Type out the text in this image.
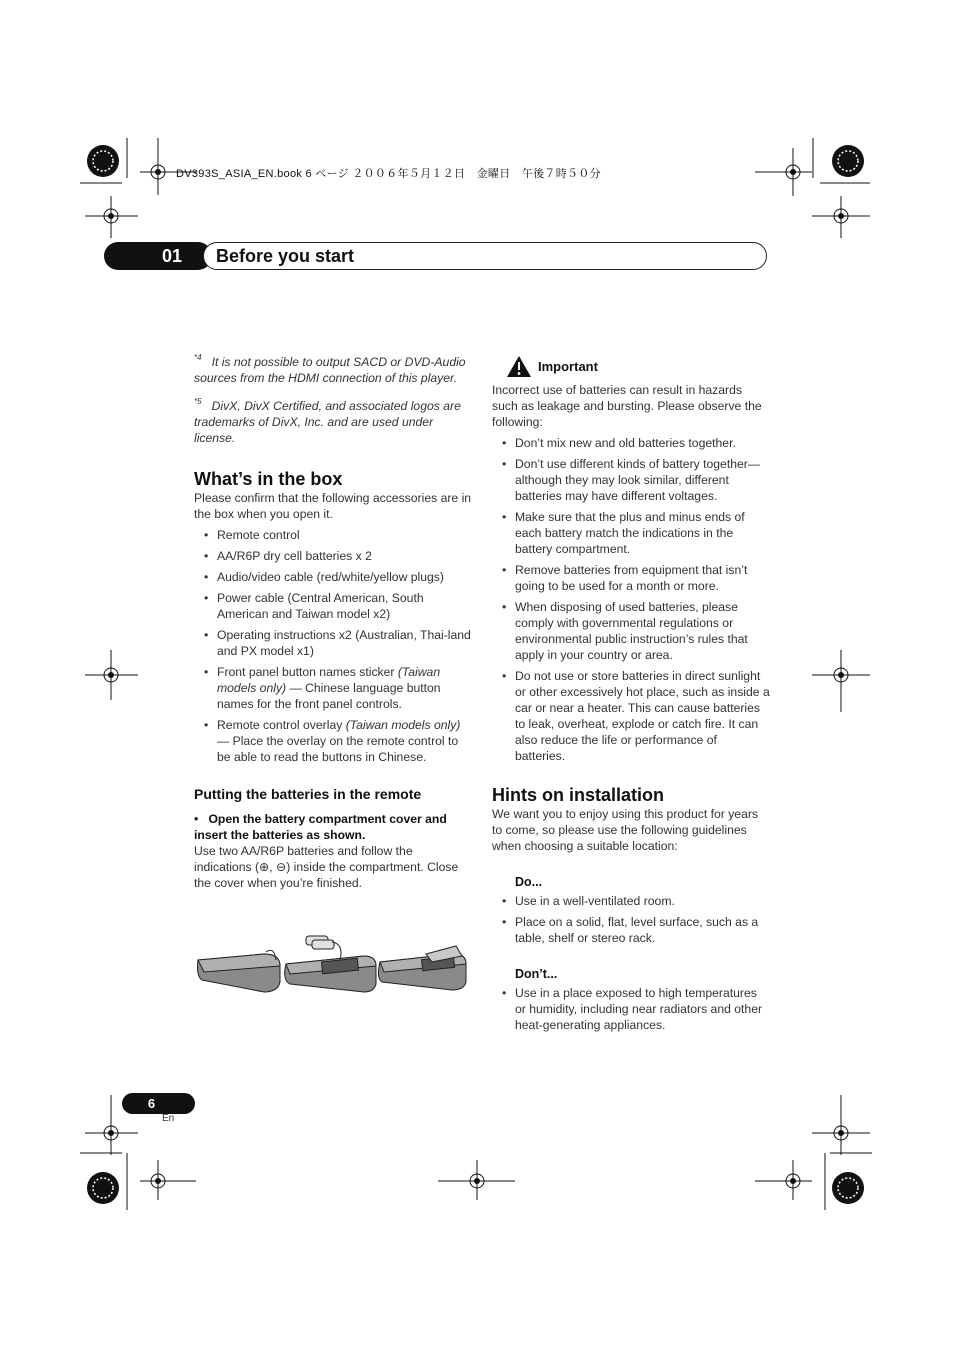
DV393S_ASIA_EN.book 6 ページ ２００６年５月１２日　金曜日　午後７時５０分
01	Before you start

$^{*4}$ It is not possible to output SACD or DVD-Audio sources from the HDMI connection of this player.

$^{*5}$ DivX, DivX Certified, and associated logos are trademarks of DivX, Inc. and are used under license.

What’s in the box

Please confirm that the following accessories are in the box when you open it.

• Remote control
• AA/R6P dry cell batteries x 2
• Audio/video cable (red/white/yellow plugs)
• Power cable (Central American, South American and Taiwan model x2)
• Operating instructions x2 (Australian, Thai-land and PX model x1)
• Front panel button names sticker (Taiwan models only) — Chinese language button names for the front panel controls.
• Remote control overlay (Taiwan models only) — Place the overlay on the remote control to be able to read the buttons in Chinese.
Putting the batteries in the remote

•   Open the battery compartment cover and insert the batteries as shown.

Use two AA/R6P batteries and follow the indications (⊕, ⊖) inside the compartment. Close the cover when you’re finished.

Important

Incorrect use of batteries can result in hazards such as leakage and bursting. Please observe the following:

• Don’t mix new and old batteries together.
• Don’t use different kinds of battery together—although they may look similar, different batteries may have different voltages.
• Make sure that the plus and minus ends of each battery match the indications in the battery compartment.
• Remove batteries from equipment that isn’t going to be used for a month or more.
• When disposing of used batteries, please comply with governmental regulations or environmental public instruction’s rules that apply in your country or area.
• Do not use or store batteries in direct sunlight or other excessively hot place, such as inside a car or near a heater. This can cause batteries to leak, overheat, explode or catch fire. It can also reduce the life or performance of batteries.
Hints on installation

We want you to enjoy using this product for years to come, so please use the following guidelines when choosing a suitable location:

Do...
• Use in a well-ventilated room.
• Place on a solid, flat, level surface, such as a table, shelf or stereo rack.
Don’t...
• Use in a place exposed to high temperatures or humidity, including near radiators and other heat-generating appliances.
6
En
